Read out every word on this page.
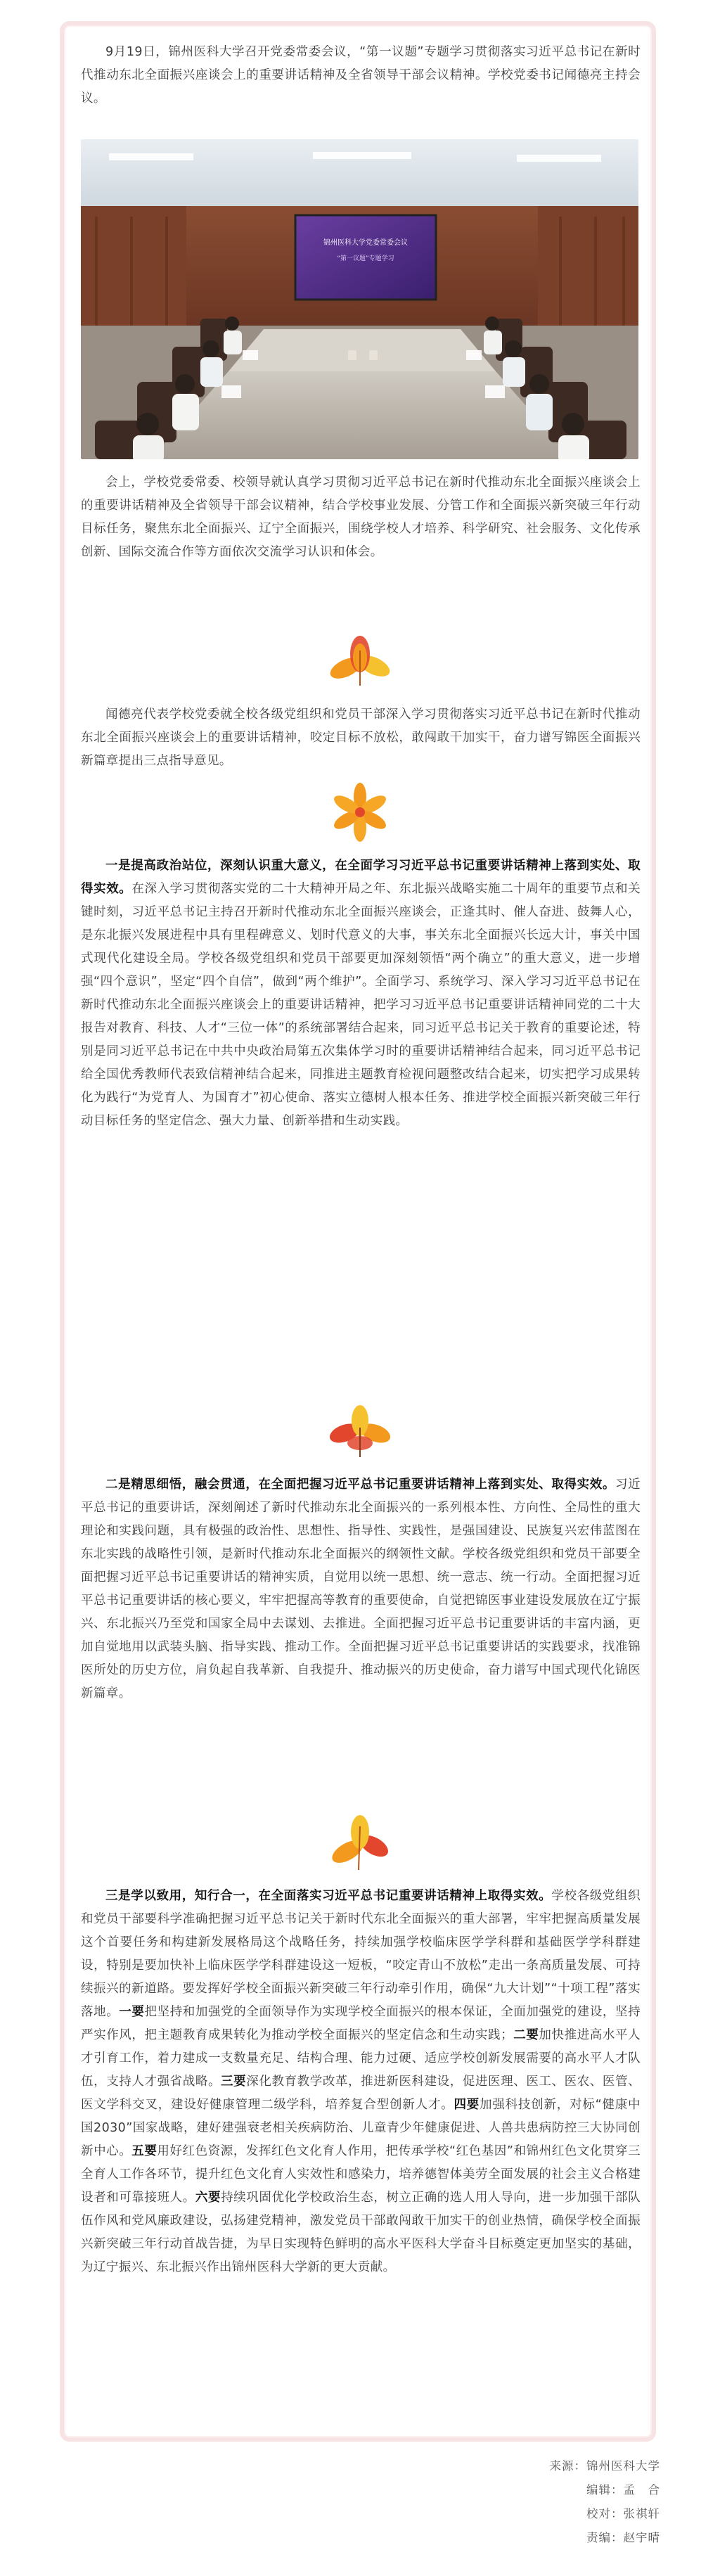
9月19日，锦州医科大学召开党委常委会议，“第一议题”专题学习贯彻落实习近平总书记在新时代推动东北全面振兴座谈会上的重要讲话精神及全省领导干部会议精神。学校党委书记闻德亮主持会议。

锦州医科大学党委常委会议
“第一议题”专题学习

会上，学校党委常委、校领导就认真学习贯彻习近平总书记在新时代推动东北全面振兴座谈会上的重要讲话精神及全省领导干部会议精神，结合学校事业发展、分管工作和全面振兴新突破三年行动目标任务，聚焦东北全面振兴、辽宁全面振兴，围绕学校人才培养、科学研究、社会服务、文化传承创新、国际交流合作等方面依次交流学习认识和体会。

闻德亮代表学校党委就全校各级党组织和党员干部深入学习贯彻落实习近平总书记在新时代推动东北全面振兴座谈会上的重要讲话精神，咬定目标不放松，敢闯敢干加实干，奋力谱写锦医全面振兴新篇章提出三点指导意见。

一是提高政治站位，深刻认识重大意义，在全面学习习近平总书记重要讲话精神上落到实处、取得实效。在深入学习贯彻落实党的二十大精神开局之年、东北振兴战略实施二十周年的重要节点和关键时刻，习近平总书记主持召开新时代推动东北全面振兴座谈会，正逢其时、催人奋进、鼓舞人心，是东北振兴发展进程中具有里程碑意义、划时代意义的大事，事关东北全面振兴长远大计，事关中国式现代化建设全局。学校各级党组织和党员干部要更加深刻领悟“两个确立”的重大意义，进一步增强“四个意识”，坚定“四个自信”，做到“两个维护”。全面学习、系统学习、深入学习习近平总书记在新时代推动东北全面振兴座谈会上的重要讲话精神，把学习习近平总书记重要讲话精神同党的二十大报告对教育、科技、人才“三位一体”的系统部署结合起来，同习近平总书记关于教育的重要论述，特别是同习近平总书记在中共中央政治局第五次集体学习时的重要讲话精神结合起来，同习近平总书记给全国优秀教师代表致信精神结合起来，同推进主题教育检视问题整改结合起来，切实把学习成果转化为践行“为党育人、为国育才”初心使命、落实立德树人根本任务、推进学校全面振兴新突破三年行动目标任务的坚定信念、强大力量、创新举措和生动实践。

二是精思细悟，融会贯通，在全面把握习近平总书记重要讲话精神上落到实处、取得实效。习近平总书记的重要讲话，深刻阐述了新时代推动东北全面振兴的一系列根本性、方向性、全局性的重大理论和实践问题，具有极强的政治性、思想性、指导性、实践性，是强国建设、民族复兴宏伟蓝图在东北实践的战略性引领，是新时代推动东北全面振兴的纲领性文献。学校各级党组织和党员干部要全面把握习近平总书记重要讲话的精神实质，自觉用以统一思想、统一意志、统一行动。全面把握习近平总书记重要讲话的核心要义，牢牢把握高等教育的重要使命，自觉把锦医事业建设发展放在辽宁振兴、东北振兴乃至党和国家全局中去谋划、去推进。全面把握习近平总书记重要讲话的丰富内涵，更加自觉地用以武装头脑、指导实践、推动工作。全面把握习近平总书记重要讲话的实践要求，找准锦医所处的历史方位，肩负起自我革新、自我提升、推动振兴的历史使命，奋力谱写中国式现代化锦医新篇章。

三是学以致用，知行合一，在全面落实习近平总书记重要讲话精神上取得实效。学校各级党组织和党员干部要科学准确把握习近平总书记关于新时代东北全面振兴的重大部署，牢牢把握高质量发展这个首要任务和构建新发展格局这个战略任务，持续加强学校临床医学学科群和基础医学学科群建设，特别是要加快补上临床医学学科群建设这一短板，“咬定青山不放松”走出一条高质量发展、可持续振兴的新道路。要发挥好学校全面振兴新突破三年行动牵引作用，确保“九大计划”“十项工程”落实落地。一要把坚持和加强党的全面领导作为实现学校全面振兴的根本保证，全面加强党的建设，坚持严实作风，把主题教育成果转化为推动学校全面振兴的坚定信念和生动实践；二要加快推进高水平人才引育工作，着力建成一支数量充足、结构合理、能力过硬、适应学校创新发展需要的高水平人才队伍，支持人才强省战略。三要深化教育教学改革，推进新医科建设，促进医理、医工、医农、医管、医文学科交叉，建设好健康管理二级学科，培养复合型创新人才。四要加强科技创新，对标“健康中国2030”国家战略，建好建强衰老相关疾病防治、儿童青少年健康促进、人兽共患病防控三大协同创新中心。五要用好红色资源，发挥红色文化育人作用，把传承学校“红色基因”和锦州红色文化贯穿三全育人工作各环节，提升红色文化育人实效性和感染力，培养德智体美劳全面发展的社会主义合格建设者和可靠接班人。六要持续巩固优化学校政治生态，树立正确的选人用人导向，进一步加强干部队伍作风和党风廉政建设，弘扬建党精神，激发党员干部敢闯敢干加实干的创业热情，确保学校全面振兴新突破三年行动首战告捷，为早日实现特色鲜明的高水平医科大学奋斗目标奠定更加坚实的基础，为辽宁振兴、东北振兴作出锦州医科大学新的更大贡献。

来源：锦州医科大学
编辑：孟　合
校对：张祺轩
责编：赵宇晴
